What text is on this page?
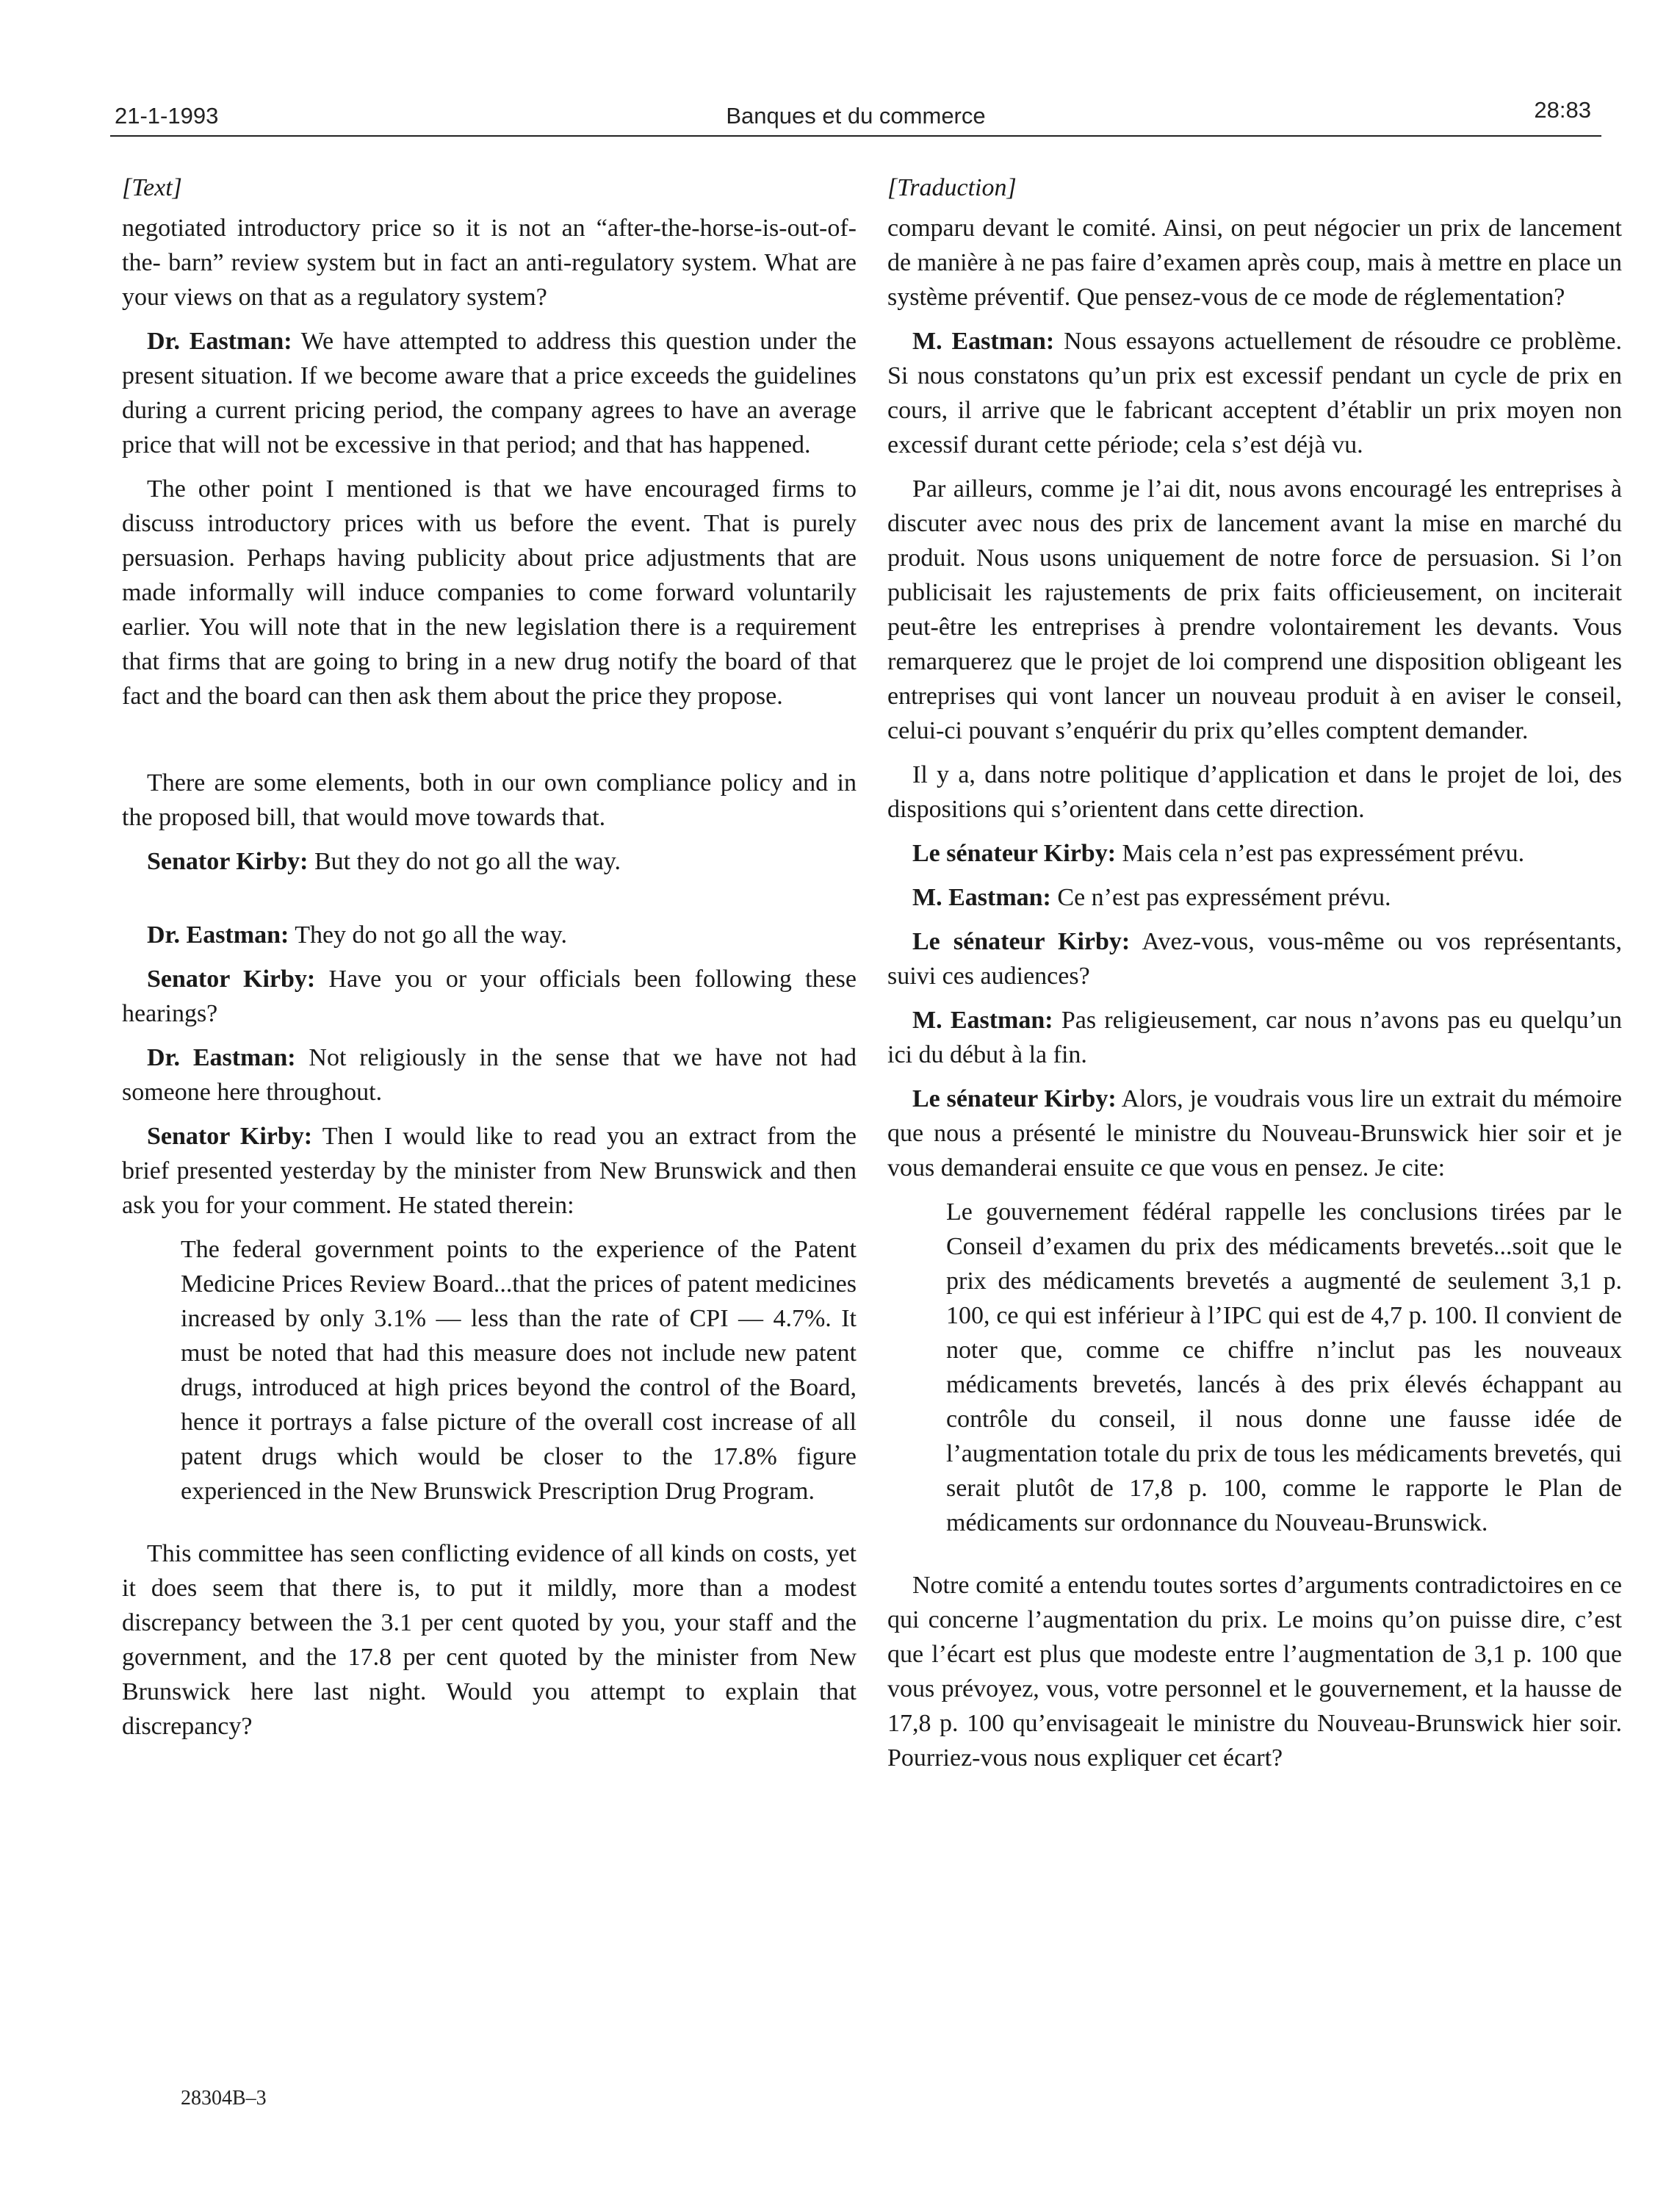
21-1-1993	Banques et du commerce	28:83

[Text]

negotiated introductory price so it is not an “after-the-horse-is-out-of-the- barn” review system but in fact an anti-regulatory system. What are your views on that as a regulatory system?

Dr. Eastman: We have attempted to address this question under the present situation. If we become aware that a price exceeds the guidelines during a current pricing period, the company agrees to have an average price that will not be excessive in that period; and that has happened.

The other point I mentioned is that we have encouraged firms to discuss introductory prices with us before the event. That is purely persuasion. Perhaps having publicity about price adjustments that are made informally will induce companies to come forward voluntarily earlier. You will note that in the new legislation there is a requirement that firms that are going to bring in a new drug notify the board of that fact and the board can then ask them about the price they propose.

There are some elements, both in our own compliance policy and in the proposed bill, that would move towards that.

Senator Kirby: But they do not go all the way.

Dr. Eastman: They do not go all the way.

Senator Kirby: Have you or your officials been following these hearings?

Dr. Eastman: Not religiously in the sense that we have not had someone here throughout.

Senator Kirby: Then I would like to read you an extract from the brief presented yesterday by the minister from New Brunswick and then ask you for your comment. He stated therein:

The federal government points to the experience of the Patent Medicine Prices Review Board...that the prices of patent medicines increased by only 3.1% — less than the rate of CPI — 4.7%. It must be noted that had this measure does not include new patent drugs, introduced at high prices beyond the control of the Board, hence it portrays a false picture of the overall cost increase of all patent drugs which would be closer to the 17.8% figure experienced in the New Brunswick Prescription Drug Program.

This committee has seen conflicting evidence of all kinds on costs, yet it does seem that there is, to put it mildly, more than a modest discrepancy between the 3.1 per cent quoted by you, your staff and the government, and the 17.8 per cent quoted by the minister from New Brunswick here last night. Would you attempt to explain that discrepancy?

[Traduction]

comparu devant le comité. Ainsi, on peut négocier un prix de lancement de manière à ne pas faire d’examen après coup, mais à mettre en place un système préventif. Que pensez-vous de ce mode de réglementation?

M. Eastman: Nous essayons actuellement de résoudre ce problème. Si nous constatons qu’un prix est excessif pendant un cycle de prix en cours, il arrive que le fabricant acceptent d’établir un prix moyen non excessif durant cette période; cela s’est déjà vu.

Par ailleurs, comme je l’ai dit, nous avons encouragé les entreprises à discuter avec nous des prix de lancement avant la mise en marché du produit. Nous usons uniquement de notre force de persuasion. Si l’on publicisait les rajustements de prix faits officieusement, on inciterait peut-être les entreprises à prendre volontairement les devants. Vous remarquerez que le projet de loi comprend une disposition obligeant les entreprises qui vont lancer un nouveau produit à en aviser le conseil, celui-ci pouvant s’enquérir du prix qu’elles comptent demander.

Il y a, dans notre politique d’application et dans le projet de loi, des dispositions qui s’orientent dans cette direction.

Le sénateur Kirby: Mais cela n’est pas expressément prévu.

M. Eastman: Ce n’est pas expressément prévu.

Le sénateur Kirby: Avez-vous, vous-même ou vos représentants, suivi ces audiences?

M. Eastman: Pas religieusement, car nous n’avons pas eu quelqu’un ici du début à la fin.

Le sénateur Kirby: Alors, je voudrais vous lire un extrait du mémoire que nous a présenté le ministre du Nouveau-Brunswick hier soir et je vous demanderai ensuite ce que vous en pensez. Je cite:

Le gouvernement fédéral rappelle les conclusions tirées par le Conseil d’examen du prix des médicaments brevetés...soit que le prix des médicaments brevetés a augmenté de seulement 3,1 p. 100, ce qui est inférieur à l’IPC qui est de 4,7 p. 100. Il convient de noter que, comme ce chiffre n’inclut pas les nouveaux médicaments brevetés, lancés à des prix élevés échappant au contrôle du conseil, il nous donne une fausse idée de l’augmentation totale du prix de tous les médicaments brevetés, qui serait plutôt de 17,8 p. 100, comme le rapporte le Plan de médicaments sur ordonnance du Nouveau-Brunswick.

Notre comité a entendu toutes sortes d’arguments contradictoires en ce qui concerne l’augmentation du prix. Le moins qu’on puisse dire, c’est que l’écart est plus que modeste entre l’augmentation de 3,1 p. 100 que vous prévoyez, vous, votre personnel et le gouvernement, et la hausse de 17,8 p. 100 qu’envisageait le ministre du Nouveau-Brunswick hier soir. Pourriez-vous nous expliquer cet écart?

28304B–3
